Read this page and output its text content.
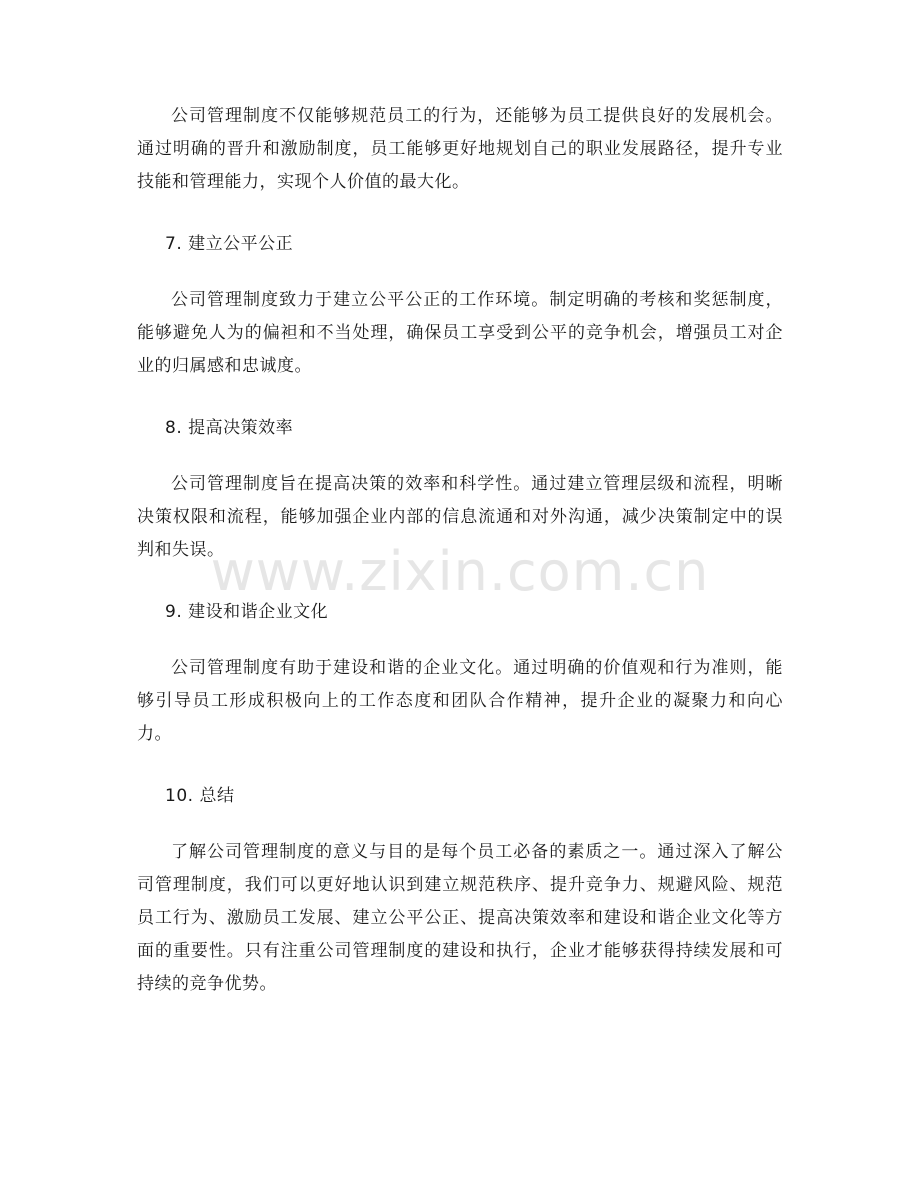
www.zixin.com.cn

公司管理制度不仅能够规范员工的行为，还能够为员工提供良好的发展机会。通过明确的晋升和激励制度，员工能够更好地规划自己的职业发展路径，提升专业技能和管理能力，实现个人价值的最大化。

7. 建立公平公正

公司管理制度致力于建立公平公正的工作环境。制定明确的考核和奖惩制度，能够避免人为的偏袒和不当处理，确保员工享受到公平的竞争机会，增强员工对企业的归属感和忠诚度。

8. 提高决策效率

公司管理制度旨在提高决策的效率和科学性。通过建立管理层级和流程，明晰决策权限和流程，能够加强企业内部的信息流通和对外沟通，减少决策制定中的误判和失误。

9. 建设和谐企业文化

公司管理制度有助于建设和谐的企业文化。通过明确的价值观和行为准则，能够引导员工形成积极向上的工作态度和团队合作精神，提升企业的凝聚力和向心力。

10. 总结

了解公司管理制度的意义与目的是每个员工必备的素质之一。通过深入了解公司管理制度，我们可以更好地认识到建立规范秩序、提升竞争力、规避风险、规范员工行为、激励员工发展、建立公平公正、提高决策效率和建设和谐企业文化等方面的重要性。只有注重公司管理制度的建设和执行，企业才能够获得持续发展和可持续的竞争优势。
